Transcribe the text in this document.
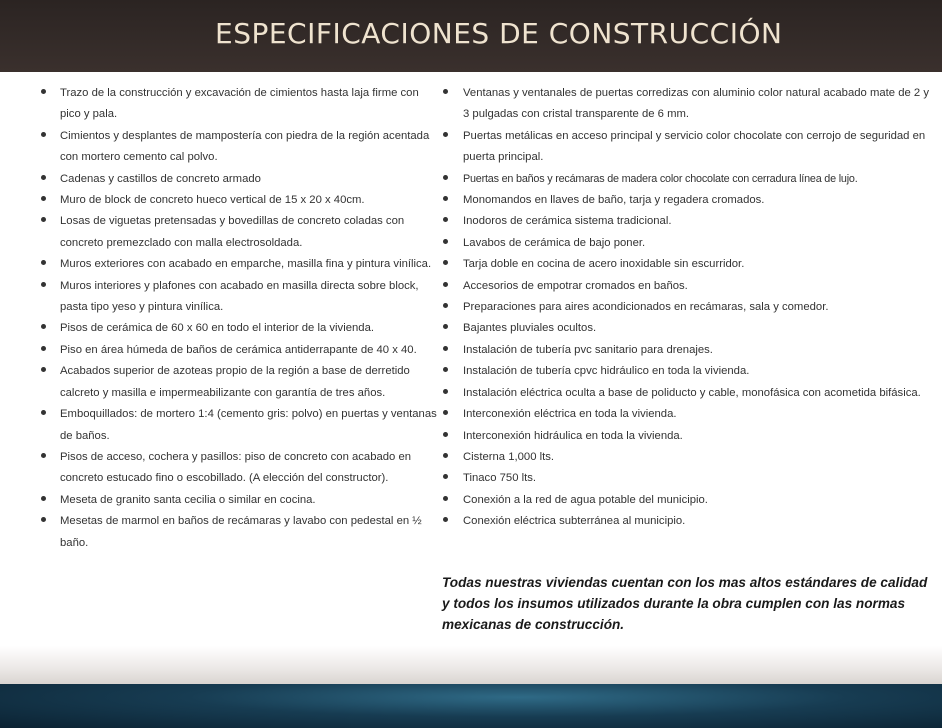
ESPECIFICACIONES DE CONSTRUCCIÓN
Trazo de la construcción y excavación de cimientos hasta laja firme con pico y pala.
Cimientos y desplantes de mampostería con piedra de la región acentada con mortero cemento cal polvo.
Cadenas y castillos de concreto armado
Muro de block de concreto hueco vertical de 15 x 20 x 40cm.
Losas de viguetas pretensadas y bovedillas de concreto coladas con concreto premezclado con malla electrosoldada.
Muros exteriores con acabado en emparche, masilla fina y pintura vinílica.
Muros interiores y plafones con acabado en masilla directa sobre block, pasta tipo yeso y pintura vinílica.
Pisos de cerámica de 60 x 60 en todo el interior de la vivienda.
Piso en área húmeda de baños de cerámica antiderrapante de 40 x 40.
Acabados superior de azoteas propio de la región a base de derretido calcreto y masilla e impermeabilizante con garantía de tres años.
Emboquillados: de mortero 1:4 (cemento gris: polvo) en puertas y ventanas de baños.
Pisos de acceso, cochera y pasillos: piso de concreto con acabado en concreto estucado fino o escobillado. (A elección del constructor).
Meseta de granito santa cecilia o similar en cocina.
Mesetas de marmol en baños de recámaras y lavabo con pedestal en ½ baño.
Ventanas y ventanales de puertas corredizas con aluminio color natural acabado mate de 2 y 3 pulgadas con cristal transparente de 6 mm.
Puertas metálicas en acceso principal y servicio color chocolate con cerrojo de seguridad en puerta principal.
Puertas en baños y recámaras de madera color chocolate con cerradura línea de lujo.
Monomandos en llaves de baño, tarja y regadera cromados.
Inodoros de cerámica sistema tradicional.
Lavabos de cerámica de bajo poner.
Tarja doble en cocina de acero inoxidable sin escurridor.
Accesorios de empotrar cromados en baños.
Preparaciones para aires acondicionados en recámaras, sala y comedor.
Bajantes pluviales ocultos.
Instalación de tubería pvc sanitario para drenajes.
Instalación de tubería cpvc hidráulico en toda la vivienda.
Instalación eléctrica oculta a base de poliducto y cable, monofásica con acometida bifásica.
Interconexión eléctrica en toda la vivienda.
Interconexión hidráulica en toda la vivienda.
Cisterna 1,000 lts.
Tinaco 750 lts.
Conexión a la red de agua potable del municipio.
Conexión eléctrica subterránea al municipio.

Todas nuestras viviendas cuentan con los mas altos estándares de calidad y todos los insumos utilizados durante la obra cumplen con las normas mexicanas de construcción.
